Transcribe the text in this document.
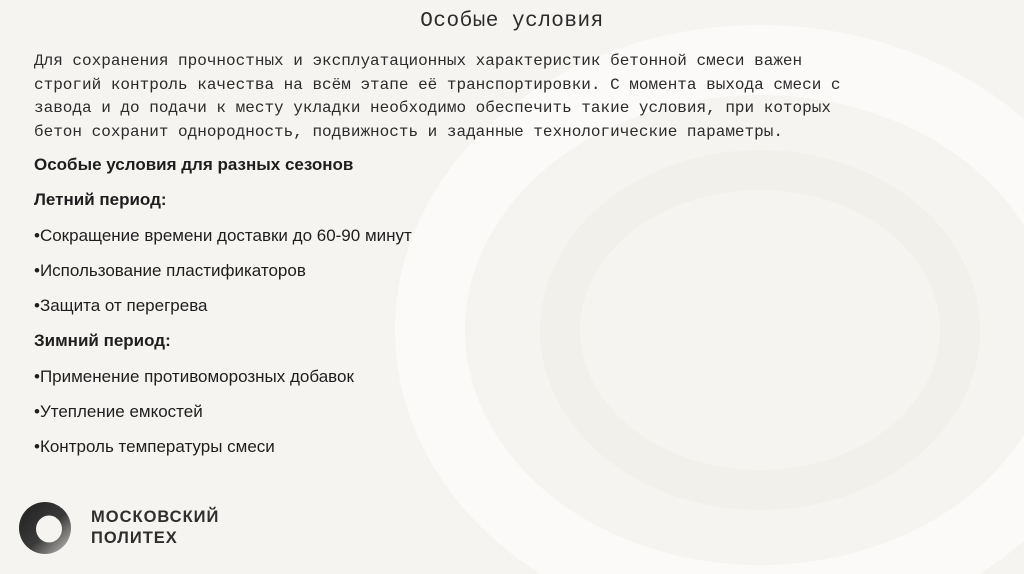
Особые условия
Для сохранения прочностных и эксплуатационных характеристик бетонной смеси важен
строгий контроль качества на всём этапе её транспортировки. С момента выхода смеси с
завода и до подачи к месту укладки необходимо обеспечить такие условия, при которых
бетон сохранит однородность, подвижность и заданные технологические параметры.
Особые условия для разных сезонов
Летний период:
•Сокращение времени доставки до 60-90 минут
•Использование пластификаторов
•Защита от перегрева
Зимний период:
•Применение противоморозных добавок
•Утепление емкостей
•Контроль температуры смеси
МОСКОВСКИЙ
ПОЛИТЕХ
